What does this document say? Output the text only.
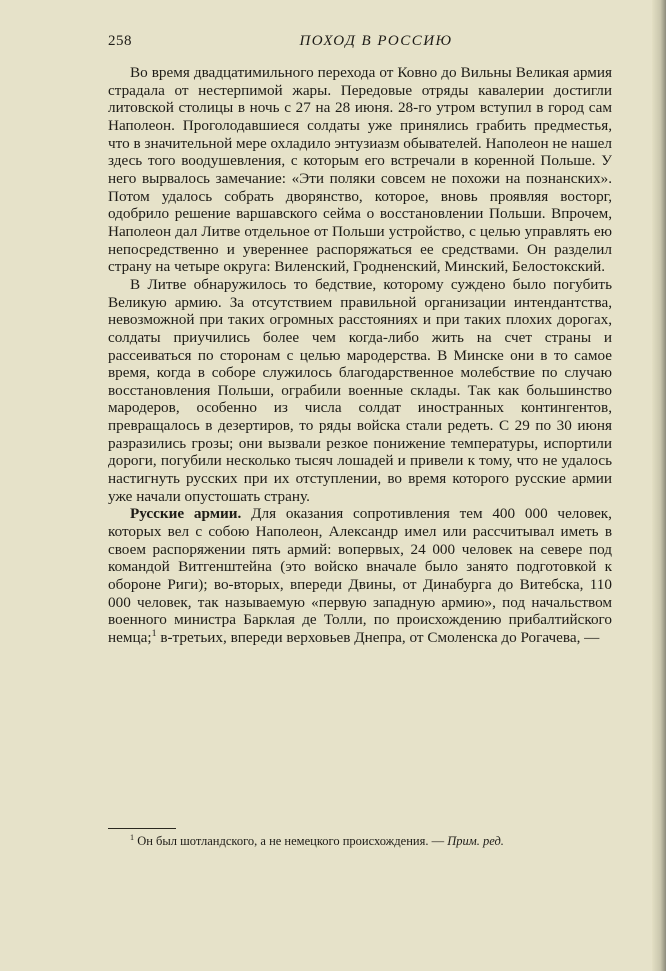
258	ПОХОД В РОССИЮ

Во время двадцатимильного перехода от Ковно до Вильны Великая армия страдала от нестерпимой жары. Передовые отряды кавалерии достигли литовской столицы в ночь с 27 на 28 июня. 28-го утром вступил в город сам Наполеон. Проголодавшиеся солдаты уже принялись грабить предместья, что в значительной мере охладило энтузиазм обывателей. Наполеон не нашел здесь того воодушевления, с которым его встречали в коренной Польше. У него вырвалось замечание: «Эти поляки совсем не похожи на познанских». Потом удалось собрать дворянство, которое, вновь проявляя восторг, одобрило решение варшавского сейма о восстановлении Польши. Впрочем, Наполеон дал Литве отдельное от Польши устройство, с целью управлять ею непосредственно и увереннее распоряжаться ее средствами. Он разделил страну на четыре округа: Виленский, Гродненский, Минский, Белостокский.

В Литве обнаружилось то бедствие, которому суждено было погубить Великую армию. За отсутствием правильной организации интендантства, невозможной при таких огромных расстояниях и при таких плохих дорогах, солдаты приучились более чем когда-либо жить на счет страны и рассеиваться по сторонам с целью мародерства. В Минске они в то самое время, когда в соборе служилось благодарственное молебствие по случаю восстановления Польши, ограбили военные склады. Так как большинство мародеров, особенно из числа солдат иностранных контингентов, превращалось в дезертиров, то ряды войска стали редеть. С 29 по 30 июня разразились грозы; они вызвали резкое понижение температуры, испортили дороги, погубили несколько тысяч лошадей и привели к тому, что не удалось настигнуть русских при их отступлении, во время которого русские армии уже начали опустошать страну.

Русские армии. Для оказания сопротивления тем 400 000 человек, которых вел с собою Наполеон, Александр имел или рассчитывал иметь в своем распоряжении пять армий: вопервых, 24 000 человек на севере под командой Витгенштейна (это войско вначале было занято подготовкой к обороне Риги); во-вторых, впереди Двины, от Динабурга до Витебска, 110 000 человек, так называемую «первую западную армию», под начальством военного министра Барклая де Толли, по происхождению прибалтийского немца;$^1$ в-третьих, впереди верховьев Днепра, от Смоленска до Рогачева, —

$^1$ Он был шотландского, а не немецкого происхождения. — Прим. ред.
